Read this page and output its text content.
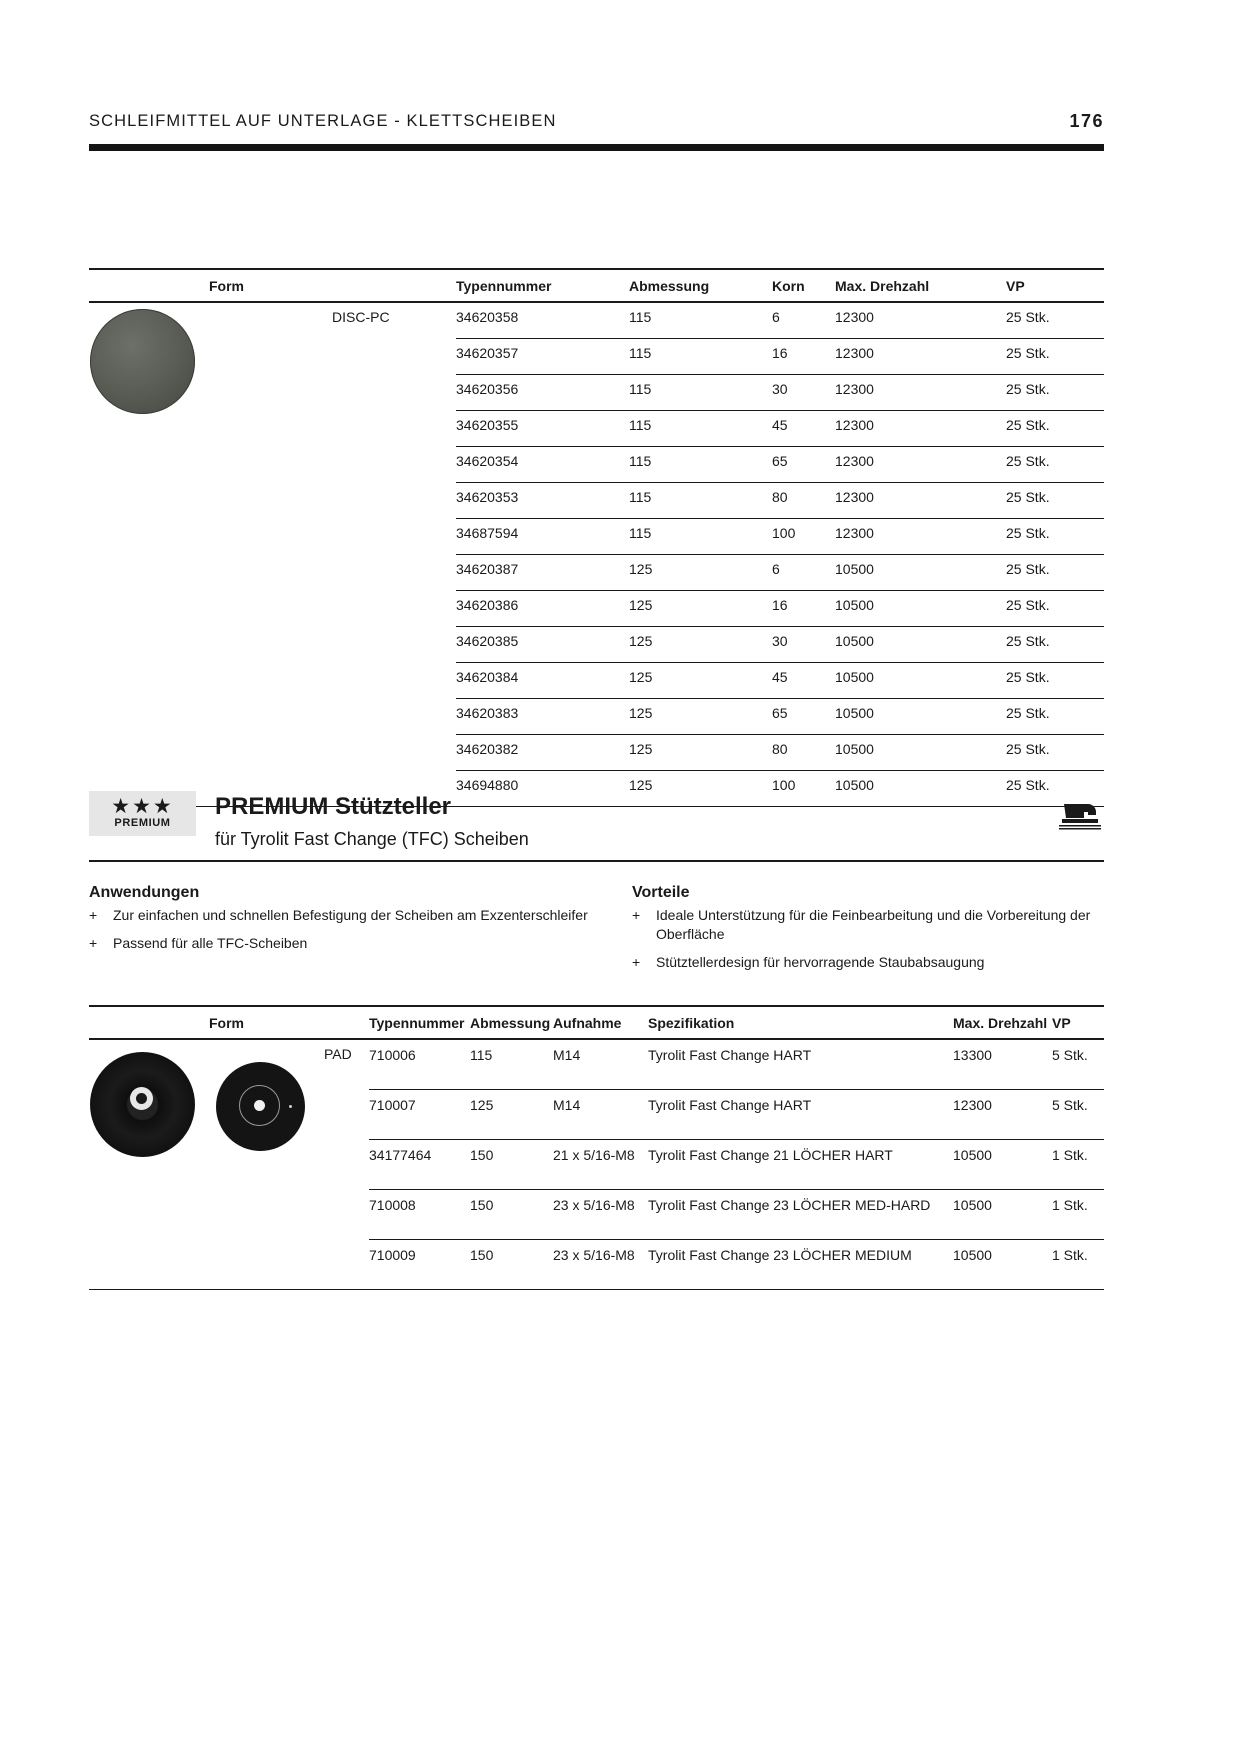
SCHLEIFMITTEL AUF UNTERLAGE - KLETTSCHEIBEN	176
Form		Typennummer	Abmessung	Korn	Max. Drehzahl	VP

	DISC-PC	34620358	115	6	12300	25 Stk.
		34620357	115	16	12300	25 Stk.
		34620356	115	30	12300	25 Stk.
		34620355	115	45	12300	25 Stk.
		34620354	115	65	12300	25 Stk.
		34620353	115	80	12300	25 Stk.
		34687594	115	100	12300	25 Stk.
		34620387	125	6	10500	25 Stk.
		34620386	125	16	10500	25 Stk.
		34620385	125	30	10500	25 Stk.
		34620384	125	45	10500	25 Stk.
		34620383	125	65	10500	25 Stk.
		34620382	125	80	10500	25 Stk.
		34694880	125	100	10500	25 Stk.
★★★
PREMIUM
PREMIUM Stützteller
für Tyrolit Fast Change (TFC) Scheiben
Anwendungen
+ Zur einfachen und schnellen Befestigung der Scheiben am Exzenterschleifer
+ Passend für alle TFC-Scheiben
Vorteile
+ Ideale Unterstützung für die Feinbearbeitung und die Vorbereitung der Oberfläche
+ Stütztellerdesign für hervorragende Staubabsaugung
Form		Typennummer	Abmessung	Aufnahme	Spezifikation	Max. Drehzahl	VP

	PAD	710006	115	M14	Tyrolit Fast Change HART	13300	5 Stk.
		710007	125	M14	Tyrolit Fast Change HART	12300	5 Stk.
		34177464	150	21 x 5/16-M8	Tyrolit Fast Change 21 LÖCHER HART	10500	1 Stk.
		710008	150	23 x 5/16-M8	Tyrolit Fast Change 23 LÖCHER MED-HARD	10500	1 Stk.
		710009	150	23 x 5/16-M8	Tyrolit Fast Change 23 LÖCHER MEDIUM	10500	1 Stk.
